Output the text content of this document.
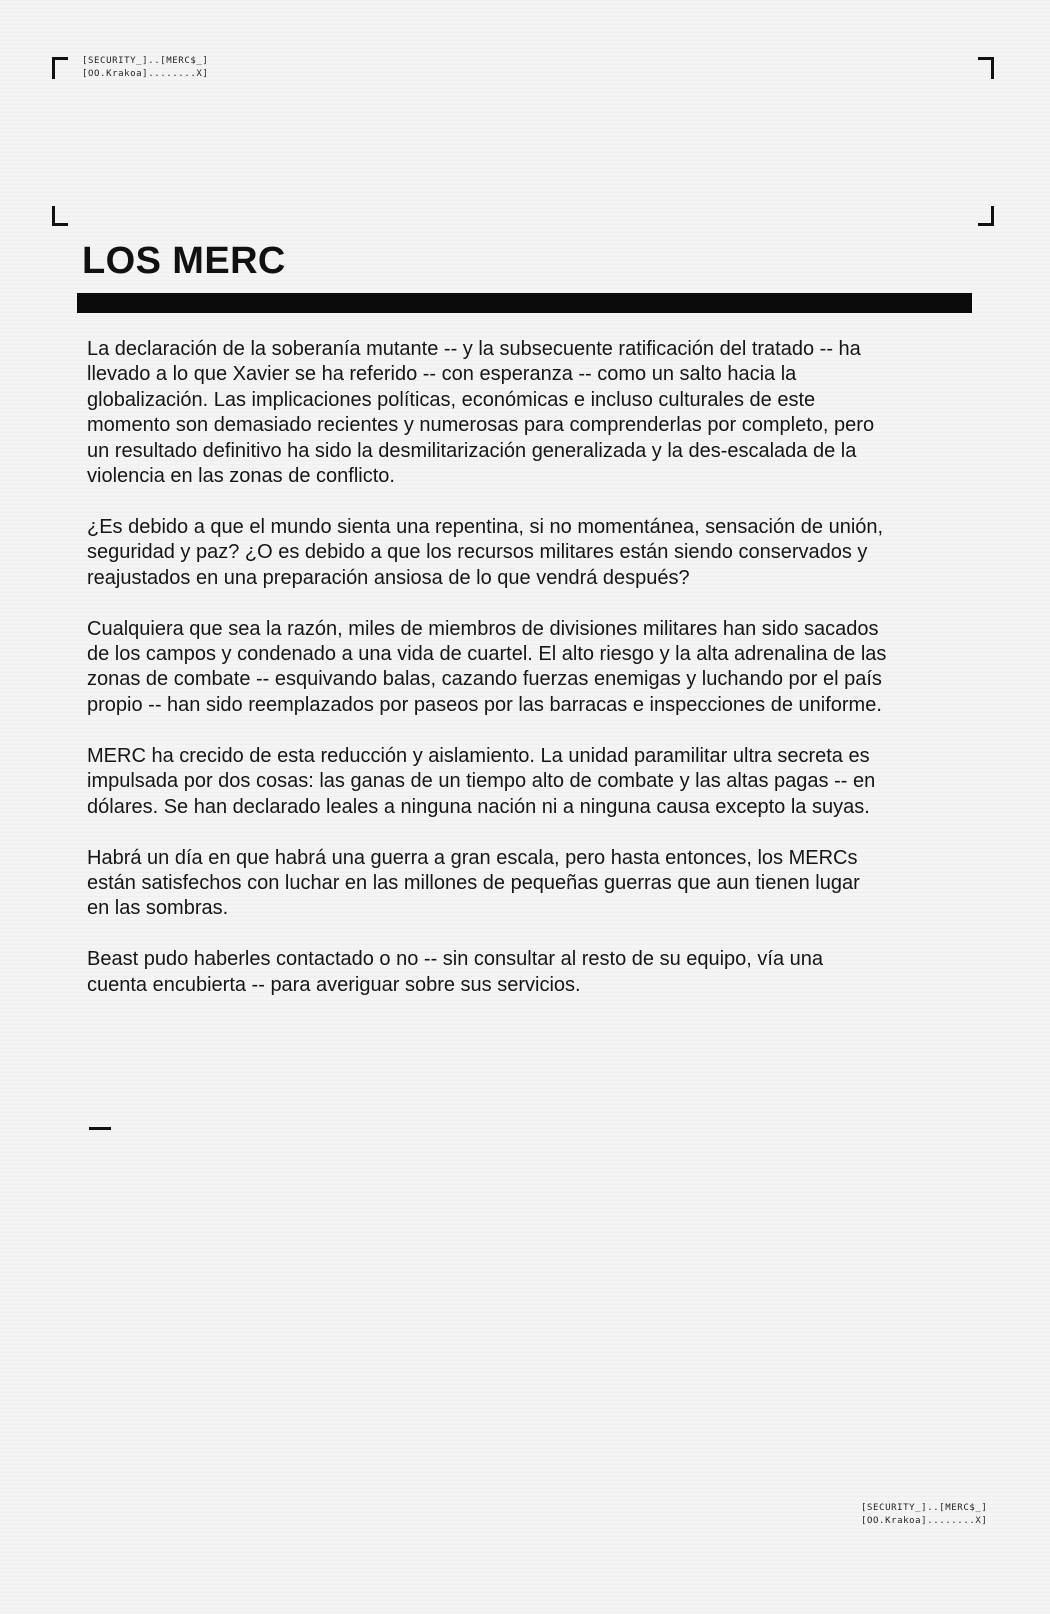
[SECURITY_]..[MERC$_]
[OO.Krakoa]........X]
LOS MERC

La declaración de la soberanía mutante -- y la subsecuente ratificación del tratado -- ha llevado a lo que Xavier se ha referido -- con esperanza -- como un salto hacia la globalización. Las implicaciones políticas, económicas e incluso culturales de este momento son demasiado recientes y numerosas para comprenderlas por completo, pero un resultado definitivo ha sido la desmilitarización generalizada y la des-escalada de la violencia en las zonas de conflicto.

¿Es debido a que el mundo sienta una repentina, si no momentánea, sensación de unión, seguridad y paz? ¿O es debido a que los recursos militares están siendo conservados y reajustados en una preparación ansiosa de lo que vendrá después?

Cualquiera que sea la razón, miles de miembros de divisiones militares han sido sacados de los campos y condenado a una vida de cuartel. El alto riesgo y la alta adrenalina de las zonas de combate -- esquivando balas, cazando fuerzas enemigas y luchando por el país propio -- han sido reemplazados por paseos por las barracas e inspecciones de uniforme.

MERC ha crecido de esta reducción y aislamiento. La unidad paramilitar ultra secreta es impulsada por dos cosas: las ganas de un tiempo alto de combate y las altas pagas -- en dólares. Se han declarado leales a ninguna nación ni a ninguna causa excepto la suyas.

Habrá un día en que habrá una guerra a gran escala, pero hasta entonces, los MERCs están satisfechos con luchar en las millones de pequeñas guerras que aun tienen lugar en las sombras.

Beast pudo haberles contactado o no -- sin consultar al resto de su equipo, vía una cuenta encubierta -- para averiguar sobre sus servicios.

[SECURITY_]..[MERC$_]
[OO.Krakoa]........X]
